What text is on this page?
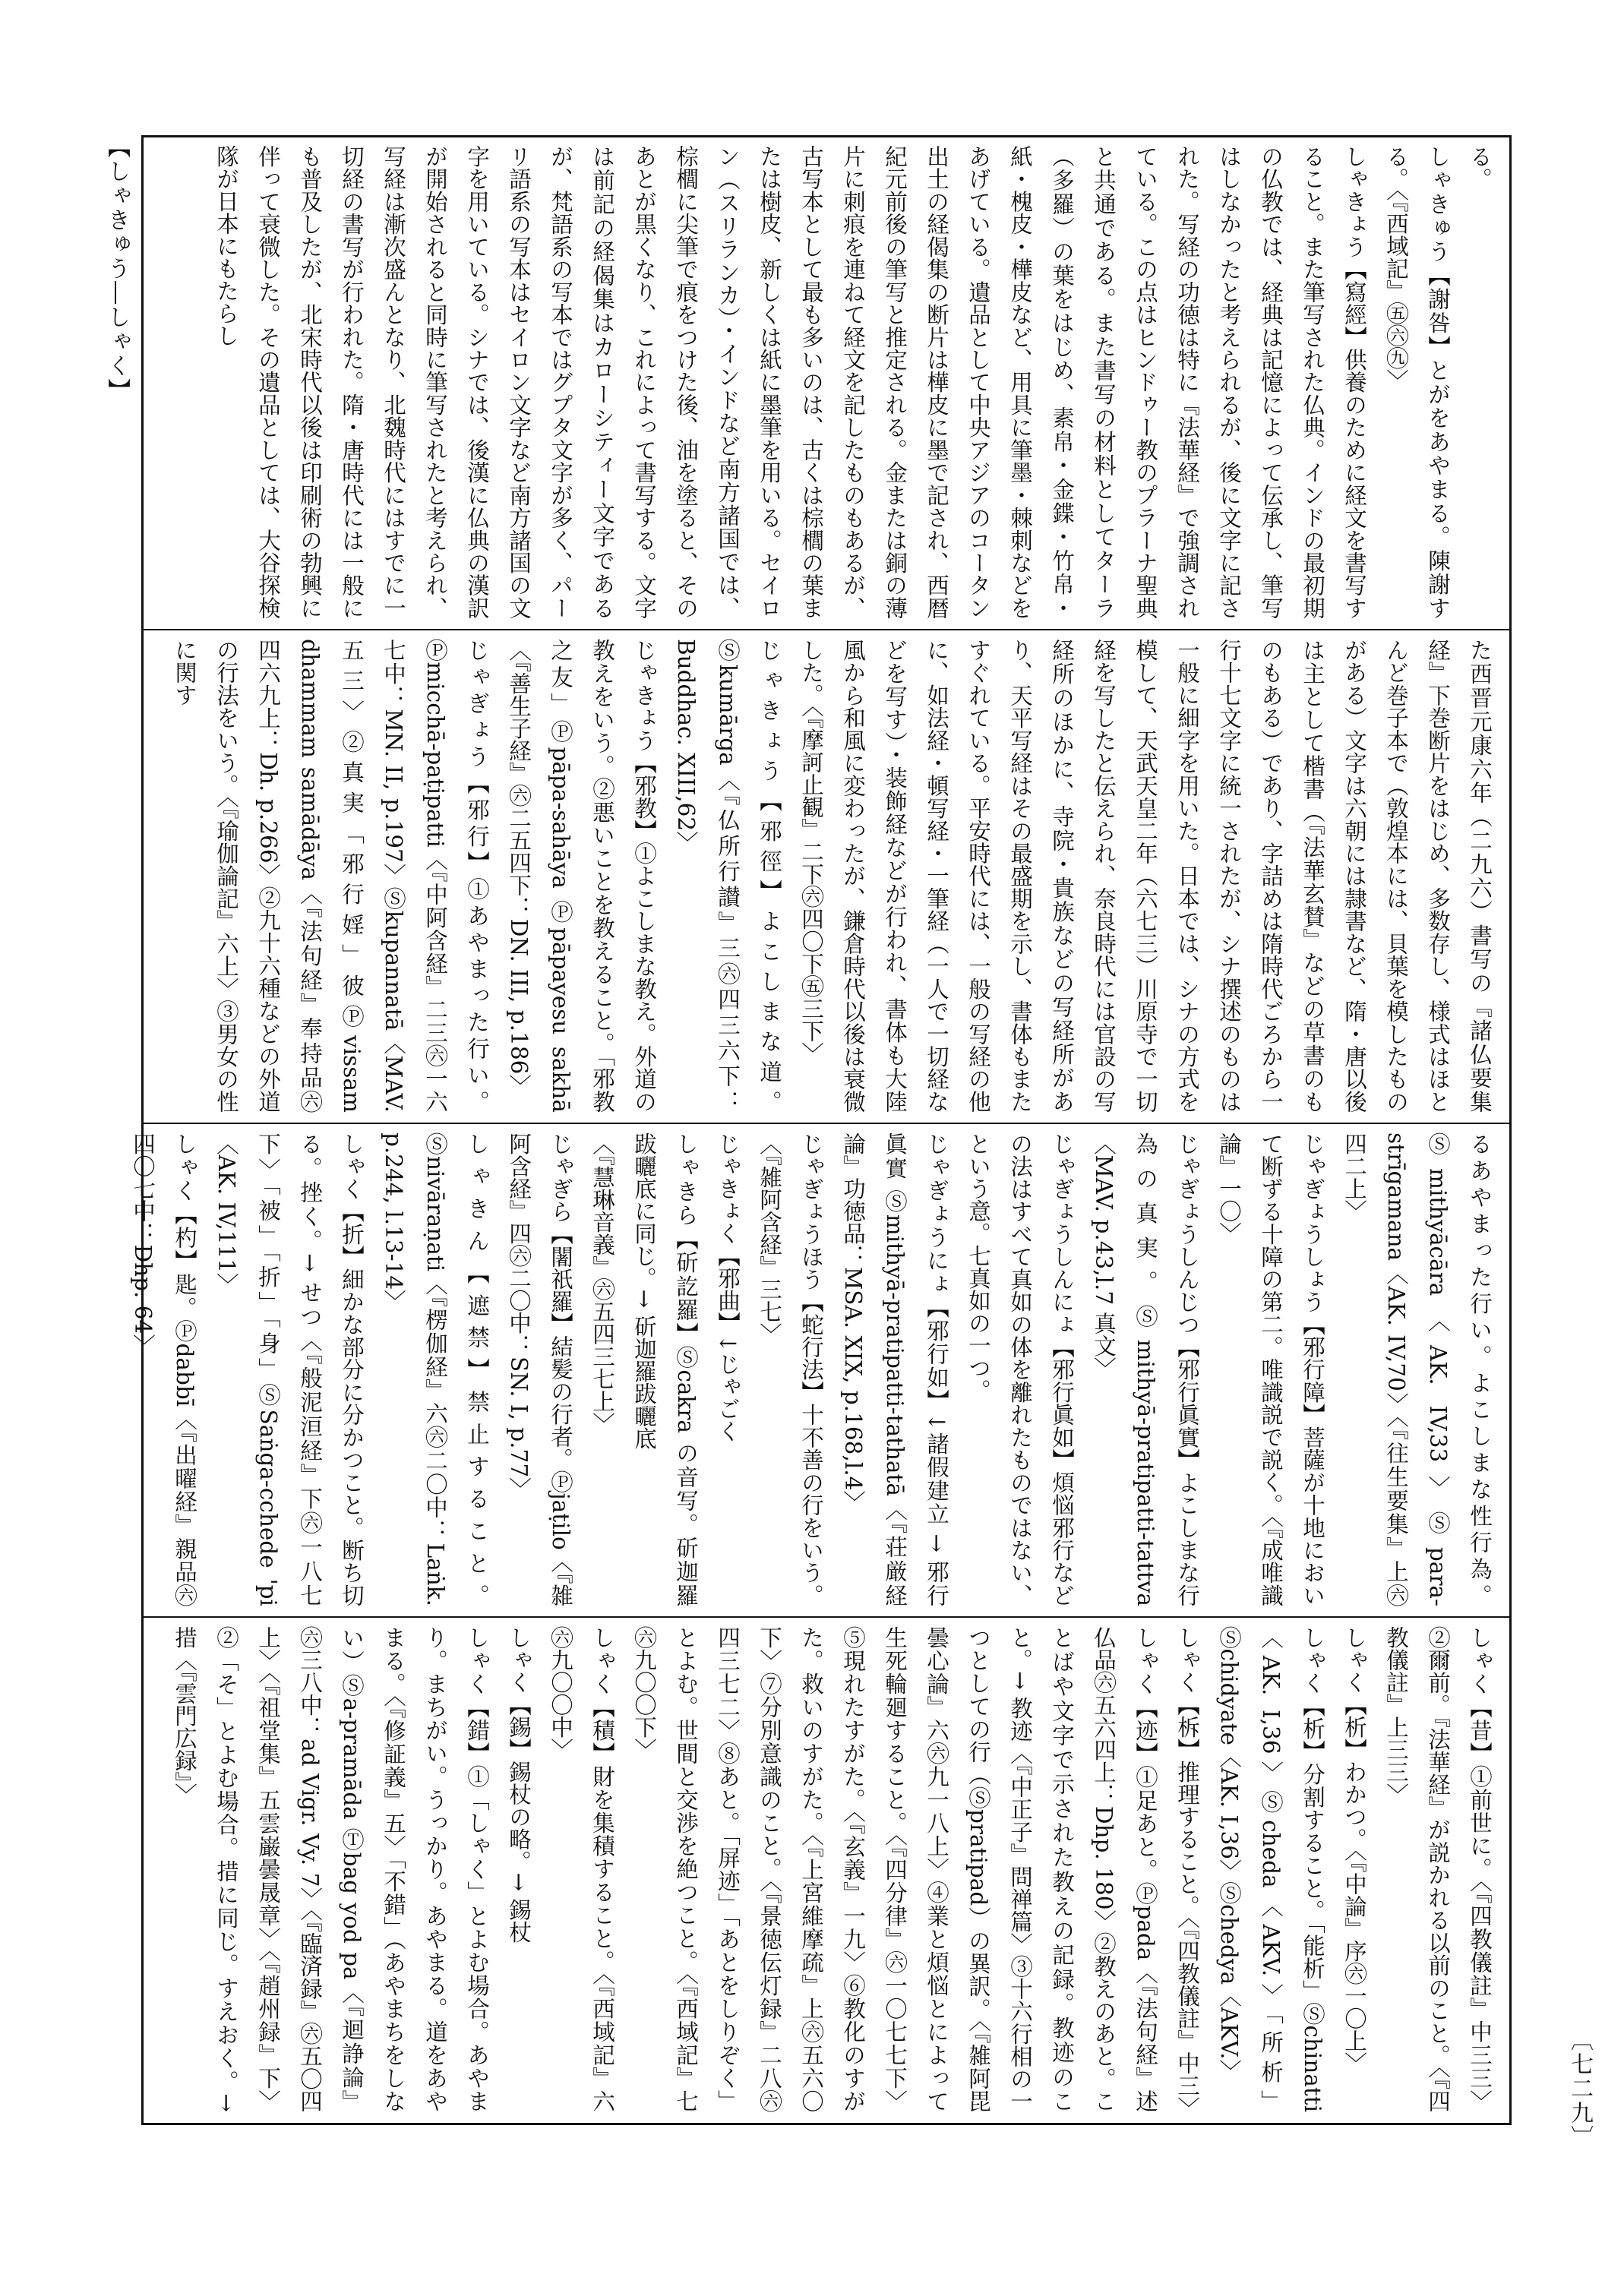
【しゃきゅう―しゃく】
〔七二九〕
る。
しゃきゅう【謝咎】とがをあやまる。陳謝する。〈『西域記』㊄㊅㊈〉
しゃきょう【寫經】供養のために経文を書写すること。また筆写された仏典。インドの最初期の仏教では、経典は記憶によって伝承し、筆写はしなかったと考えられるが、後に文字に記された。写経の功徳は特に『法華経』で強調されている。この点はヒンドゥー教のプラーナ聖典と共通である。また書写の材料としてターラ（多羅）の葉をはじめ、素帛・金鍱・竹帛・紙・槐皮・樺皮など、用具に筆墨・棘刺などをあげている。遺品として中央アジアのコータン出土の経偈集の断片は樺皮に墨で記され、西暦紀元前後の筆写と推定される。金または銅の薄片に刺痕を連ねて経文を記したものもあるが、古写本として最も多いのは、古くは棕櫚の葉または樹皮、新しくは紙に墨筆を用いる。セイロン（スリランカ）・インドなど南方諸国では、棕櫚に尖筆で痕をつけた後、油を塗ると、そのあとが黒くなり、これによって書写する。文字は前記の経偈集はカローシティー文字であるが、梵語系の写本ではグプタ文字が多く、パーリ語系の写本はセイロン文字など南方諸国の文字を用いている。シナでは、後漢に仏典の漢訳が開始されると同時に筆写されたと考えられ、写経は漸次盛んとなり、北魏時代にはすでに一切経の書写が行われた。隋・唐時代には一般にも普及したが、北宋時代以後は印刷術の勃興に伴って衰微した。その遺品としては、大谷探検隊が日本にもたらし
た西晋元康六年（二九六）書写の『諸仏要集経』下巻断片をはじめ、多数存し、様式はほとんど巻子本で（敦煌本には、貝葉を模したものがある）文字は六朝には隷書など、隋・唐以後は主として楷書（『法華玄賛』などの草書のものもある）であり、字詰めは隋時代ごろから一行十七文字に統一されたが、シナ撰述のものは一般に細字を用いた。日本では、シナの方式を模して、天武天皇二年（六七三）川原寺で一切経を写したと伝えられ、奈良時代には官設の写経所のほかに、寺院・貴族などの写経所があり、天平写経はその最盛期を示し、書体もまたすぐれている。平安時代には、一般の写経の他に、如法経・頓写経・一筆経（一人で一切経などを写す）・装飾経などが行われ、書体も大陸風から和風に変わったが、鎌倉時代以後は衰微した。〈『摩訶止観』二下㊅四〇下㊄三下〉
じゃきょう【邪徑】よこしまな道。Ⓢkumārga〈『仏所行讃』三㊅四三六下：Buddhac. XIII,62〉
じゃきょう【邪教】①よこしまな教え。外道の教えをいう。②悪いことを教えること。「邪教之友」Ⓟpāpa-sahāya Ⓟpāpayesu sakhā〈『善生子経』㊅二五四下：DN. III, p.186〉
じゃぎょう【邪行】①あやまった行い。Ⓟmicchā-paṭipatti〈『中阿含経』二三㊅一六七中：MN. II, p.197〉Ⓢkupannatā〈MAV. 五三〉②真実「邪行婬」彼Ⓟvissam dhammam samādāya〈『法句経』奉持品㊅四六九上：Dh. p.266〉②九十六種などの外道の行法をいう。〈『瑜伽論記』六上〉③男女の性に関す
るあやまった行い。よこしまな性行為。Ⓢmithyācāra〈AK. IV,33〉Ⓢpara-strīgamana〈AK. IV,70〉〈『往生要集』上㊅四二上〉
じゃぎょうしょう【邪行障】菩薩が十地において断ずる十障の第二。唯識説で説く。〈『成唯識論』一〇〉
じゃぎょうしんじつ【邪行眞實】よこしまな行為の真実。Ⓢmithyā-pratipatti-tattva〈MAV. p.43,l.7 真文〉
じゃぎょうしんにょ【邪行眞如】煩悩邪行などの法はすべて真如の体を離れたものではない、という意。七真如の一つ。
じゃぎょうにょ【邪行如】↓諸假建立 → 邪行眞實 Ⓢmithyā-pratipatti-tathatā〈『荘厳経論』功徳品：MSA. XIX, p.168,l.4〉
じゃぎょうほう【蛇行法】十不善の行をいう。〈『雑阿含経』三七〉
じゃきょく【邪曲】↓じゃごく
しゃきら【斫訖羅】Ⓢcakra の音写。斫迦羅跋曬底に同じ。→ 斫迦羅跋曬底
〈『慧琳音義』㊅五四三七上〉
じゃぎら【闍祇羅】結髪の行者。Ⓟjaṭilo〈『雑阿含経』四㊅二〇中：SN. I, p.77〉
しゃきん【遮禁】禁止すること。Ⓢnivāraṇati〈『楞伽経』六㊅二〇中：Laṅk. p.244, l.13-14〉
しゃく【折】細かな部分に分かつこと。断ち切る。挫く。→ せつ〈『般泥洹経』下㊅一八七下〉「被」「折」「身」ⓈSaṅga-cchede 'pi〈AK. IV,111〉
しゃく【杓】匙。Ⓟdabbī〈『出曜経』親品㊅四〇七中：Dhp. 64〉
しゃく【昔】①前世に。〈『四教儀註』中三三〉②爾前。『法華経』が説かれる以前のこと。〈『四教儀註』上三三〉
しゃく【析】わかつ。〈『中論』序㊅一〇上〉
しゃく【析】分割すること。「能析」Ⓢchinatti〈AK. I,36〉Ⓢcheda〈AKV.〉「所析」Ⓢchidyate〈AK. I,36〉Ⓢchedya〈AKV.〉
しゃく【柝】推理すること。〈『四教儀註』中三〉
しゃく【迹】①足あと。Ⓟpada〈『法句経』述仏品㊅五六四上：Dhp. 180〉②教えのあと。ことばや文字で示された教えの記録。教迹のこと。→ 教迹〈『中正子』問禅篇〉③十六行相の一つとしての行（Ⓢpratipad）の異訳。〈『雑阿毘曇心論』六㊅九一八上〉④業と煩悩とによって生死輪廻すること。〈『四分律』㊅一〇七七下〉⑤現れたすがた。〈『玄義』一九〉⑥教化のすがた。救いのすがた。〈『上宮維摩疏』上㊅五六〇下〉⑦分別意識のこと。〈『景徳伝灯録』二八㊅四三七二〉⑧あと。「屏迹」「あとをしりぞく」とよむ。世間と交渉を絶つこと。〈『西域記』七㊅九〇〇下〉
しゃく【積】財を集積すること。〈『西域記』六㊅九〇〇中〉
しゃく【錫】錫杖の略。→ 錫杖
しゃく【錯】①「しゃく」とよむ場合。あやまり。まちがい。うっかり。あやまる。道をあやまる。〈『修証義』五〉「不錯」（あやまちをしない）Ⓢa-pramāda Ⓣbag yod pa〈『迴諍論』㊅三八中：ad Vigr. Vy. 7〉〈『臨済録』㊅五〇四上〉〈『祖堂集』五雲巌曇晟章〉〈『趙州録』下〉②「そ」とよむ場合。措に同じ。すえおく。→ 措〈『雲門広録』〉
